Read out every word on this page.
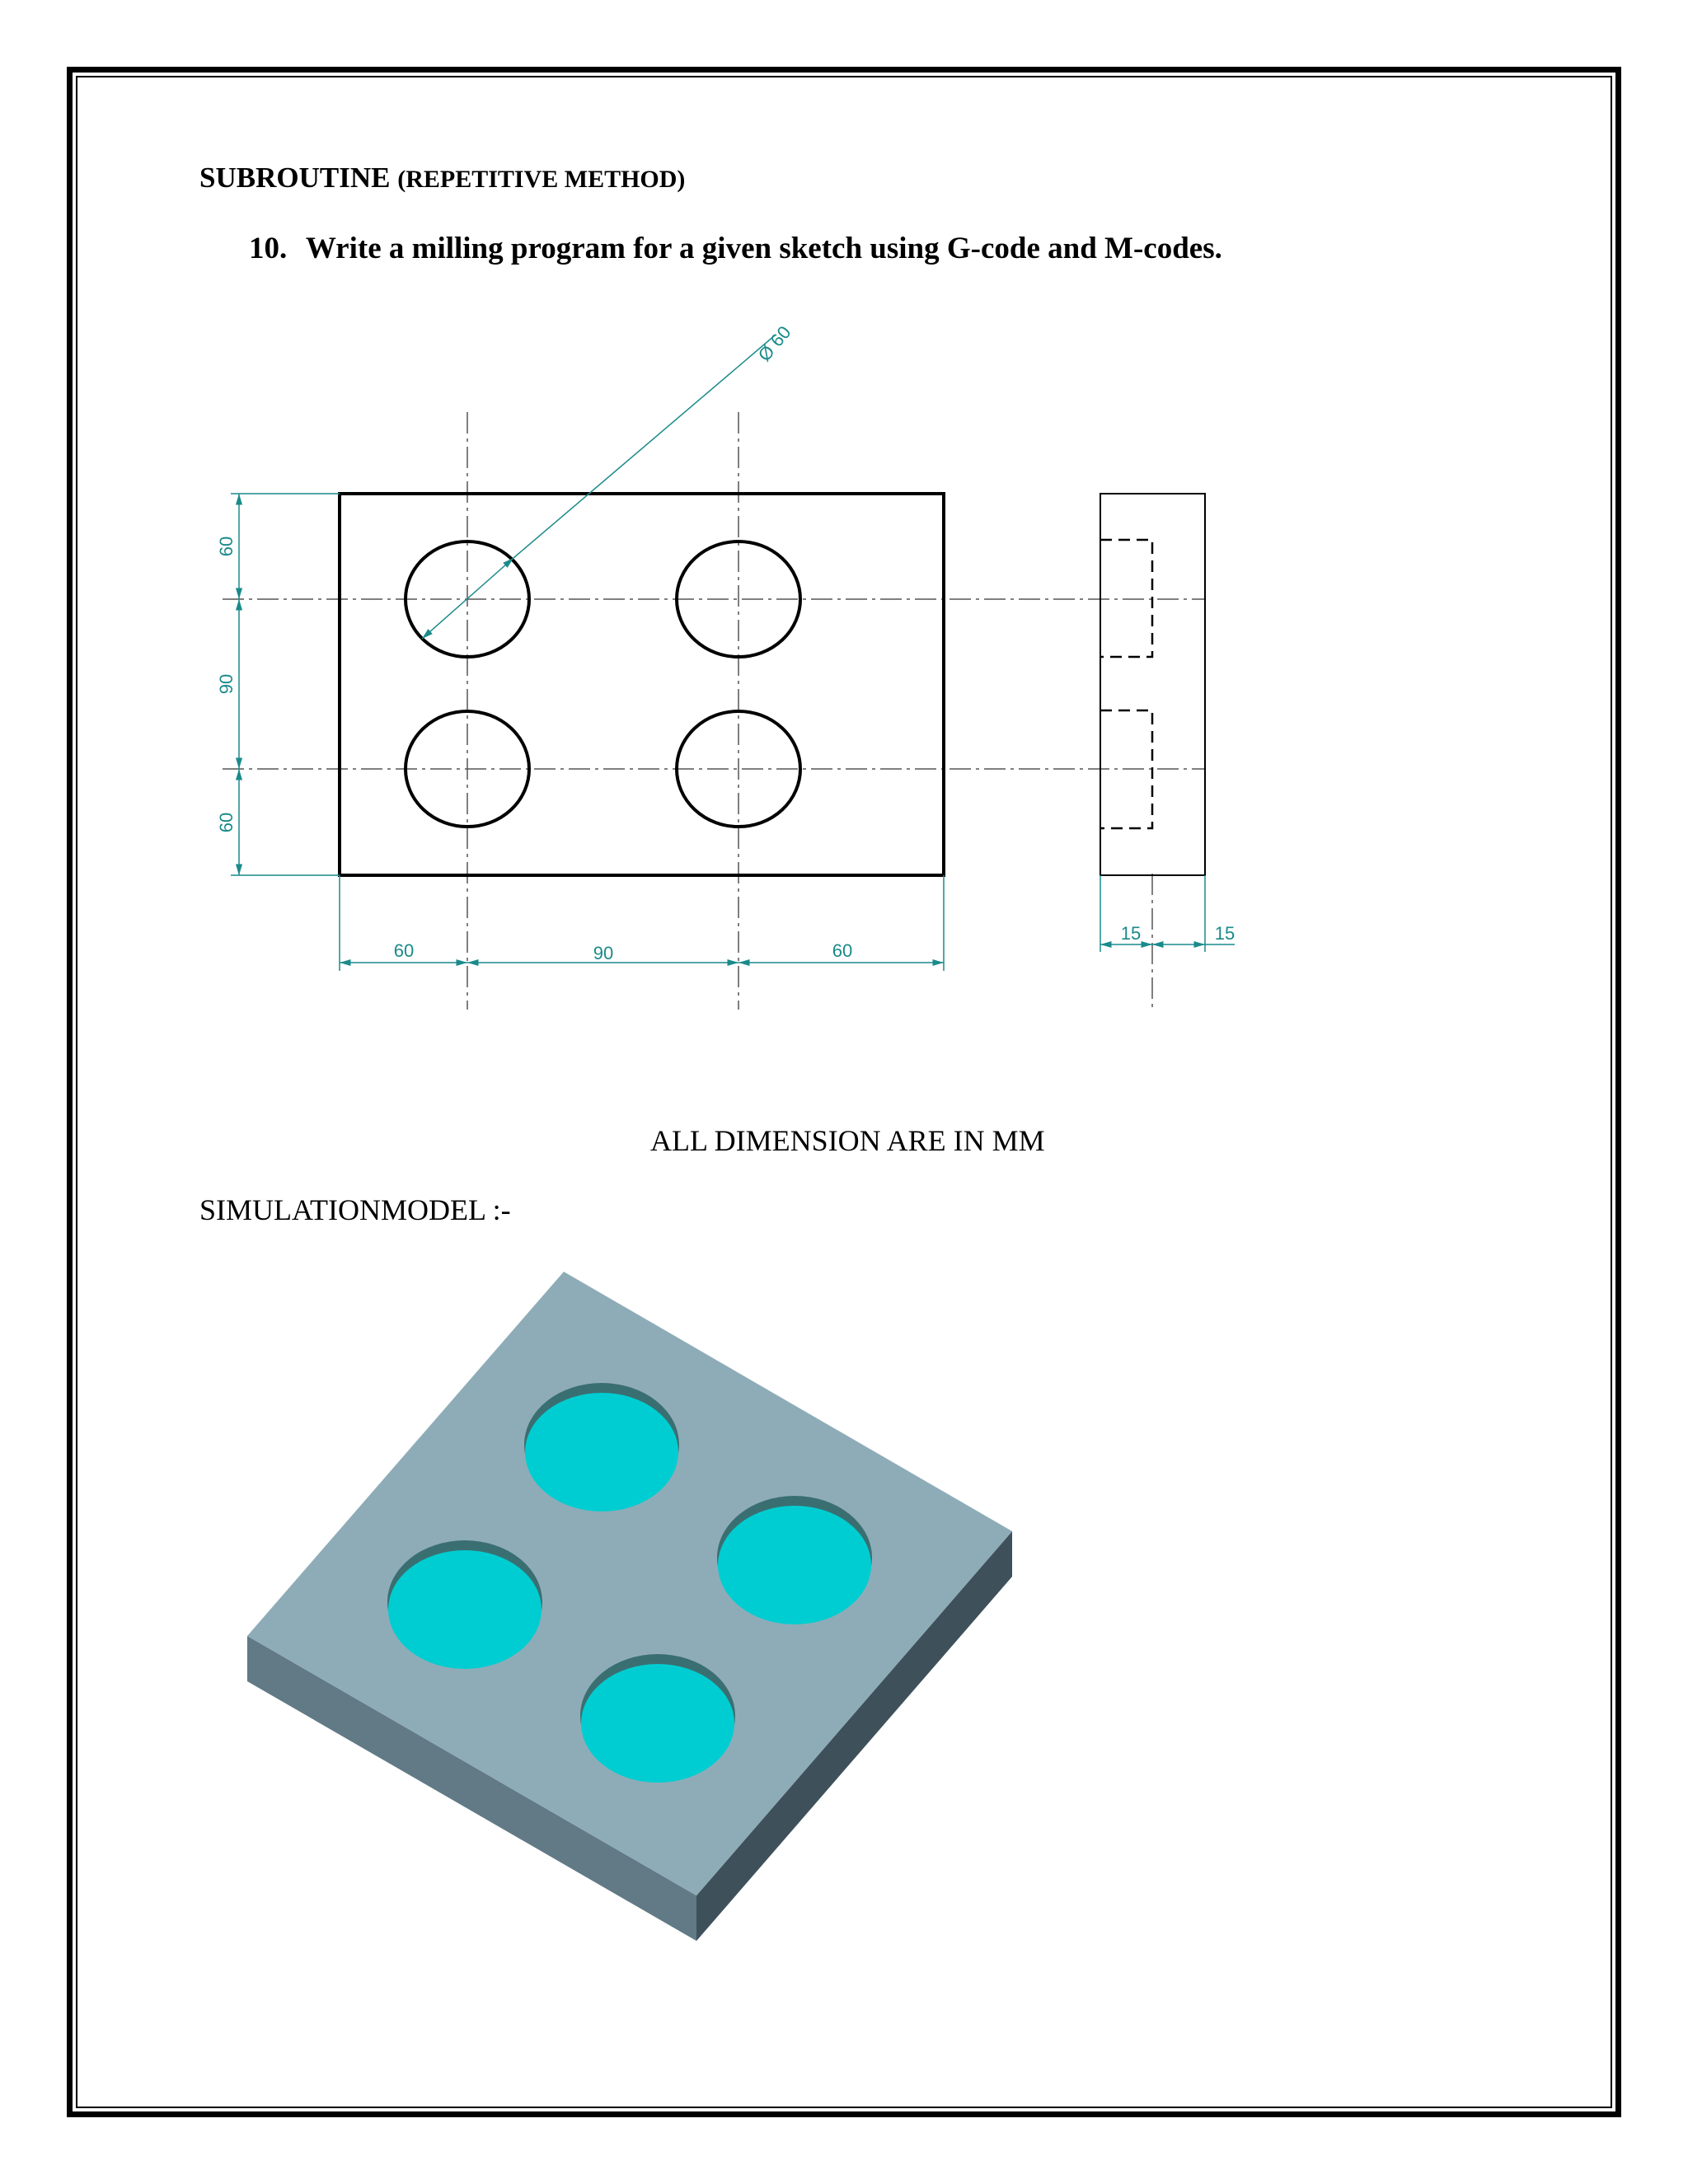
SUBROUTINE (REPETITIVE METHOD)
10. Write a milling program for a given sketch using G-code and M-codes.
Ø 60
60
90
60
60	90	60
15	15
ALL DIMENSION ARE IN MM
SIMULATIONMODEL :-
